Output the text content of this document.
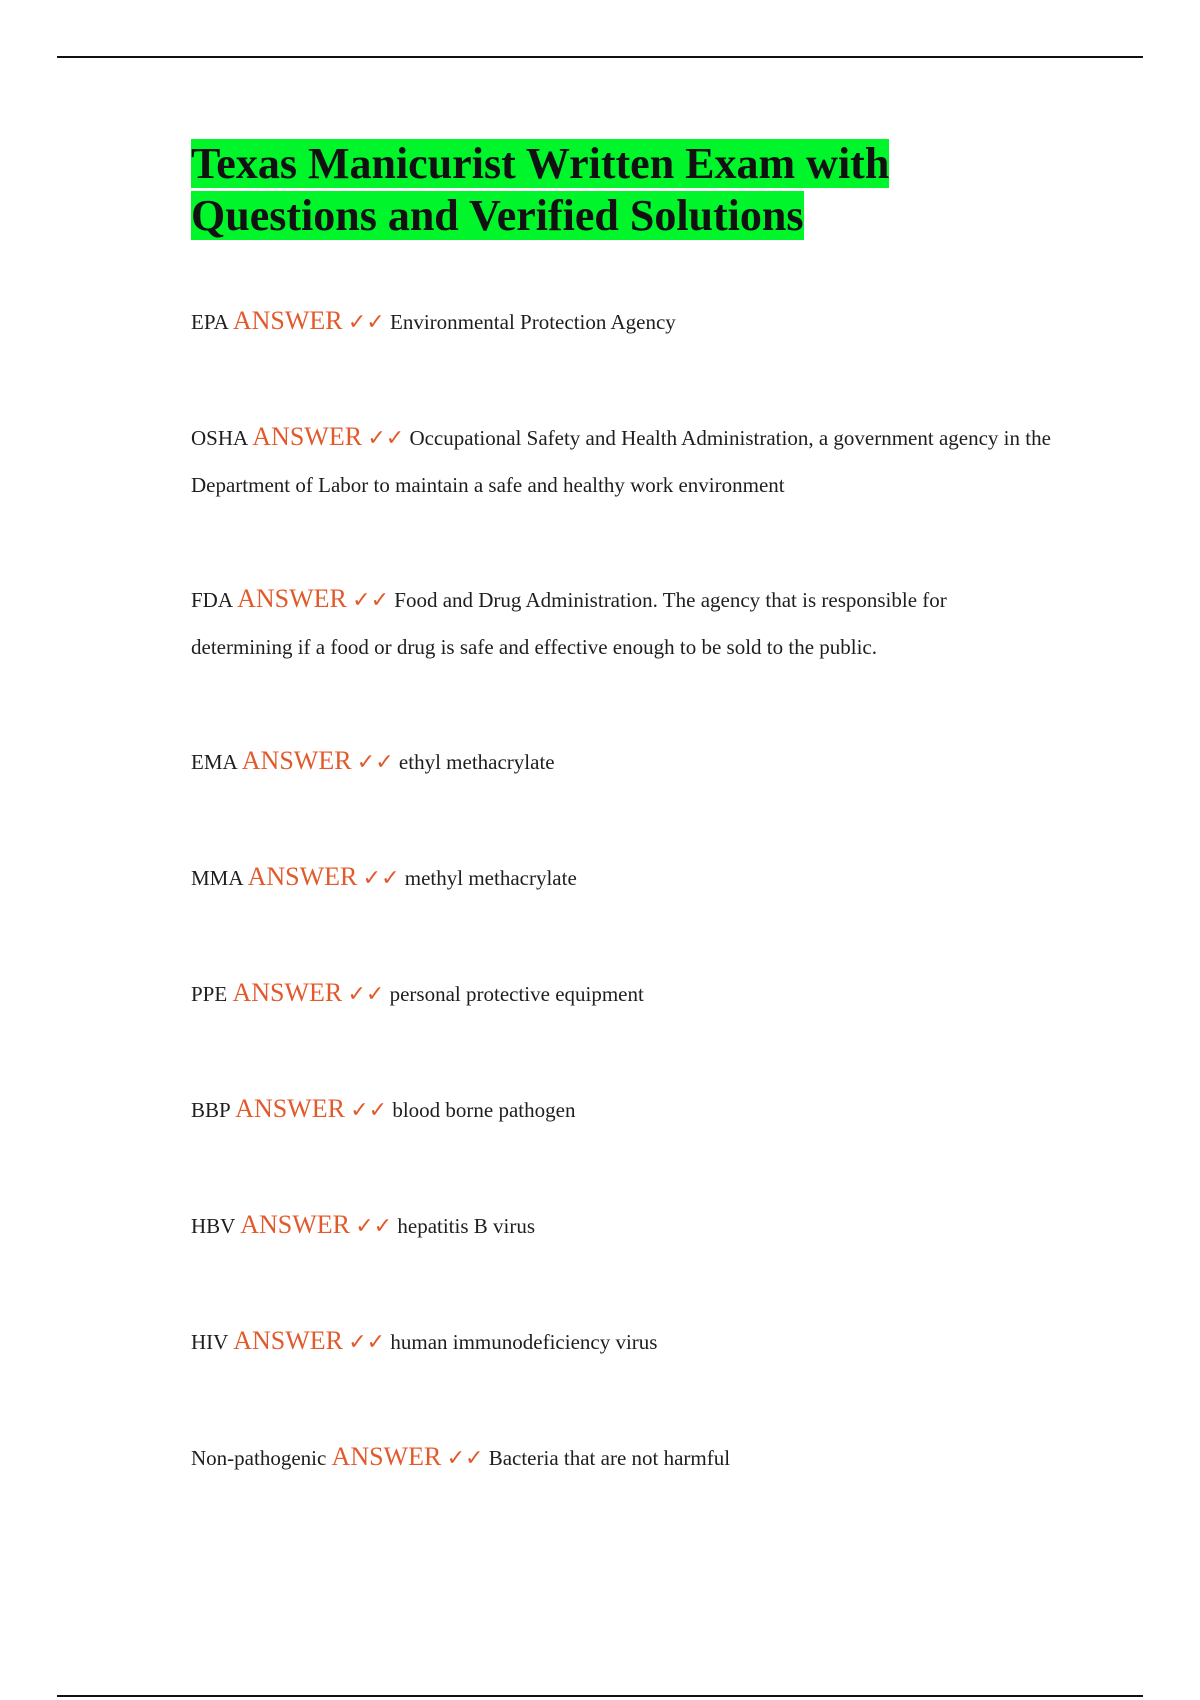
Texas Manicurist Written Exam with
Questions and Verified Solutions
EPA ANSWER ✓✓ Environmental Protection Agency
OSHA ANSWER ✓✓ Occupational Safety and Health Administration, a government agency in the Department of Labor to maintain a safe and healthy work environment
FDA ANSWER ✓✓ Food and Drug Administration. The agency that is responsible for determining if a food or drug is safe and effective enough to be sold to the public.
EMA ANSWER ✓✓ ethyl methacrylate
MMA ANSWER ✓✓ methyl methacrylate
PPE ANSWER ✓✓ personal protective equipment
BBP ANSWER ✓✓ blood borne pathogen
HBV ANSWER ✓✓ hepatitis B virus
HIV ANSWER ✓✓ human immunodeficiency virus
Non-pathogenic ANSWER ✓✓ Bacteria that are not harmful
